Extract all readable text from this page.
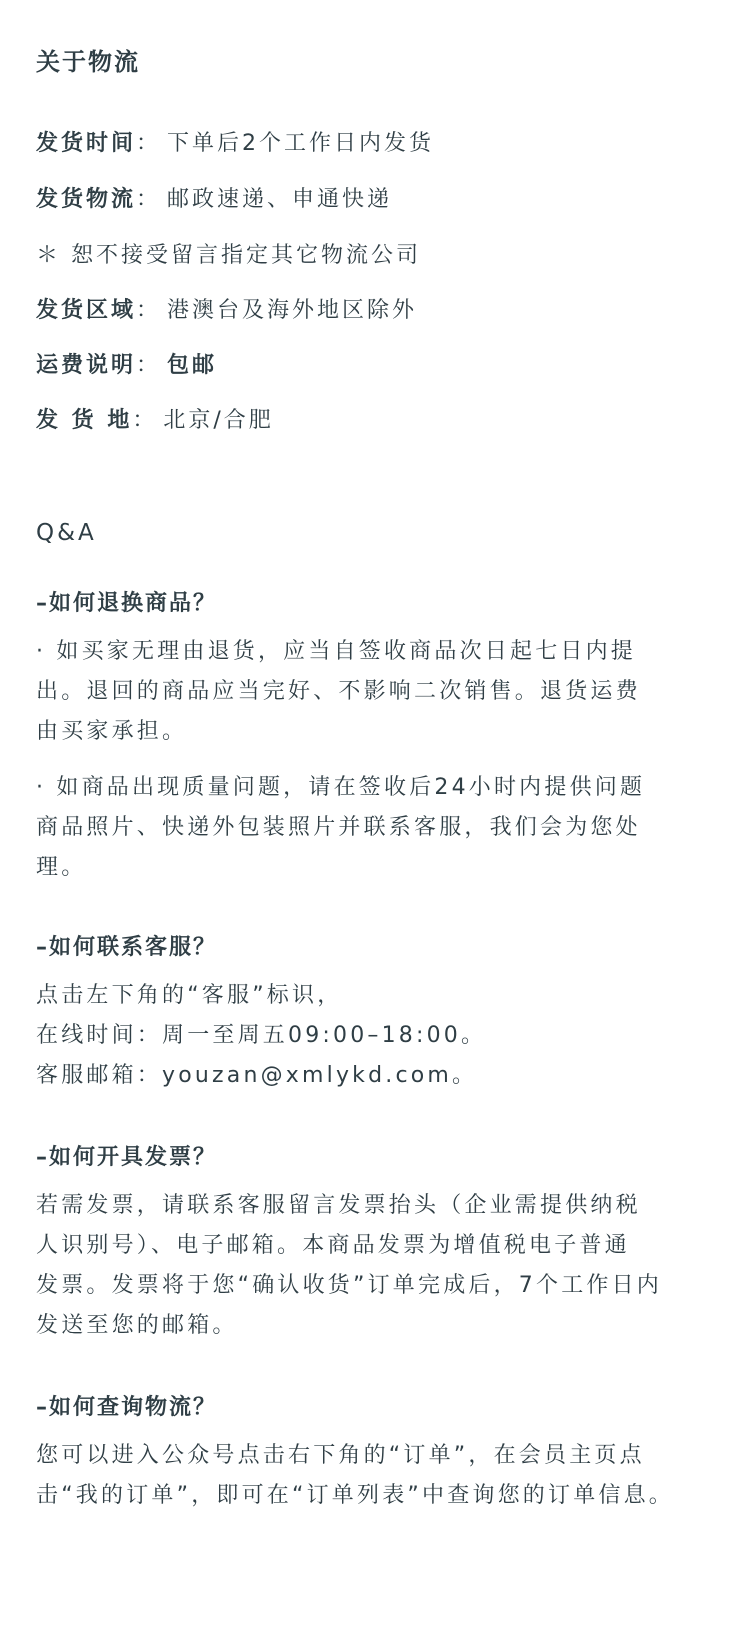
关于物流
发货时间： 下单后2个工作日内发货
发货物流： 邮政速递、申通快递
＊ 恕不接受留言指定其它物流公司
发货区域： 港澳台及海外地区除外
运费说明： 包邮
发 货 地： 北京/合肥
Q&A
–如何退换商品？
· 如买家无理由退货，应当自签收商品次日起七日内提
出。退回的商品应当完好、不影响二次销售。退货运费
由买家承担。
· 如商品出现质量问题，请在签收后24小时内提供问题
商品照片、快递外包装照片并联系客服，我们会为您处
理。
–如何联系客服？
点击左下角的“客服”标识，
在线时间：周一至周五09:00–18:00。
客服邮箱：youzan@xmlykd.com。
–如何开具发票？
若需发票，请联系客服留言发票抬头（企业需提供纳税
人识别号）、电子邮箱。本商品发票为增值税电子普通
发票。发票将于您“确认收货”订单完成后，7个工作日内
发送至您的邮箱。
–如何查询物流？
您可以进入公众号点击右下角的“订单”，在会员主页点
击“我的订单”，即可在“订单列表”中查询您的订单信息。
